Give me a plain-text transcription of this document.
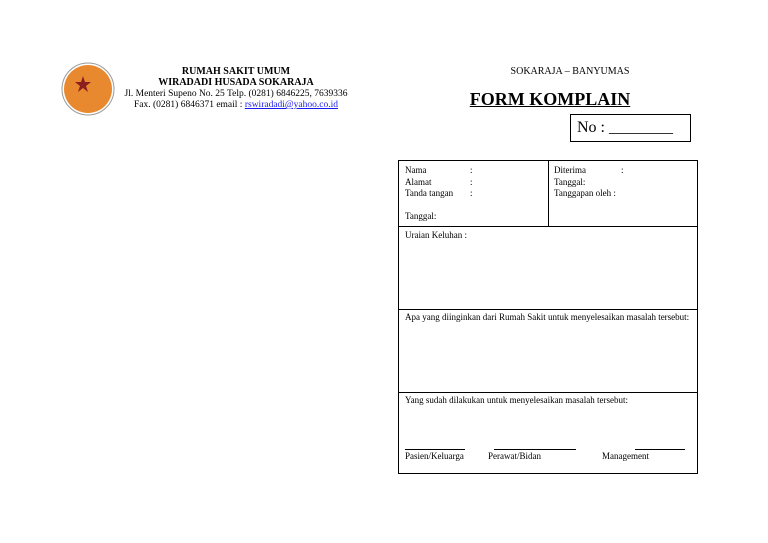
RUMAH SAKIT UMUM
WIRADADI HUSADA SOKARAJA
Jl. Menteri Supeno No. 25 Telp. (0281) 6846225, 7639336
Fax. (0281) 6846371 email : rswiradadi@yahoo.co.id
SOKARAJA – BANYUMAS
FORM KOMPLAIN
No : ________
Nama	:
Alamat	:
Tanda tangan :
Tanggal:
Diterima	:
Tanggal:
Tanggapan oleh :
Uraian Keluhan :
Apa yang diinginkan dari Rumah Sakit untuk menyelesaikan masalah tersebut:
Yang sudah dilakukan untuk menyelesaikan masalah tersebut:
Pasien/Keluarga	Perawat/Bidan	Management
